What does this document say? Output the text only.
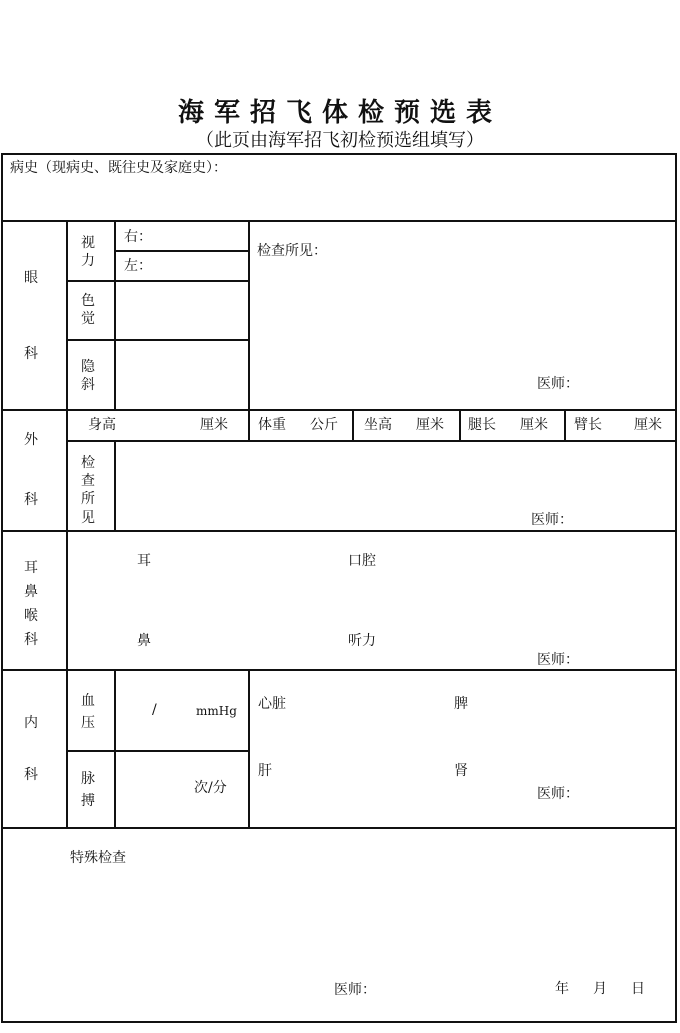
海军招飞体检预选表
（此页由海军招飞初检预选组填写）
病史（现病史、既往史及家庭史）：
眼
科
视力
右：
左：
色觉
隐斜
检查所见：
医师：
外
科
身高	厘米 体重 公斤 坐高 厘米 腿长 厘米 臂长 厘米
检查所见	医师：
耳鼻喉科
耳	口腔
鼻	听力
医师：
内
科
血压
/	mmHg
脉搏
次/分
心脏	脾
肝	肾
医师：
特殊检查
医师：	年 月 日
